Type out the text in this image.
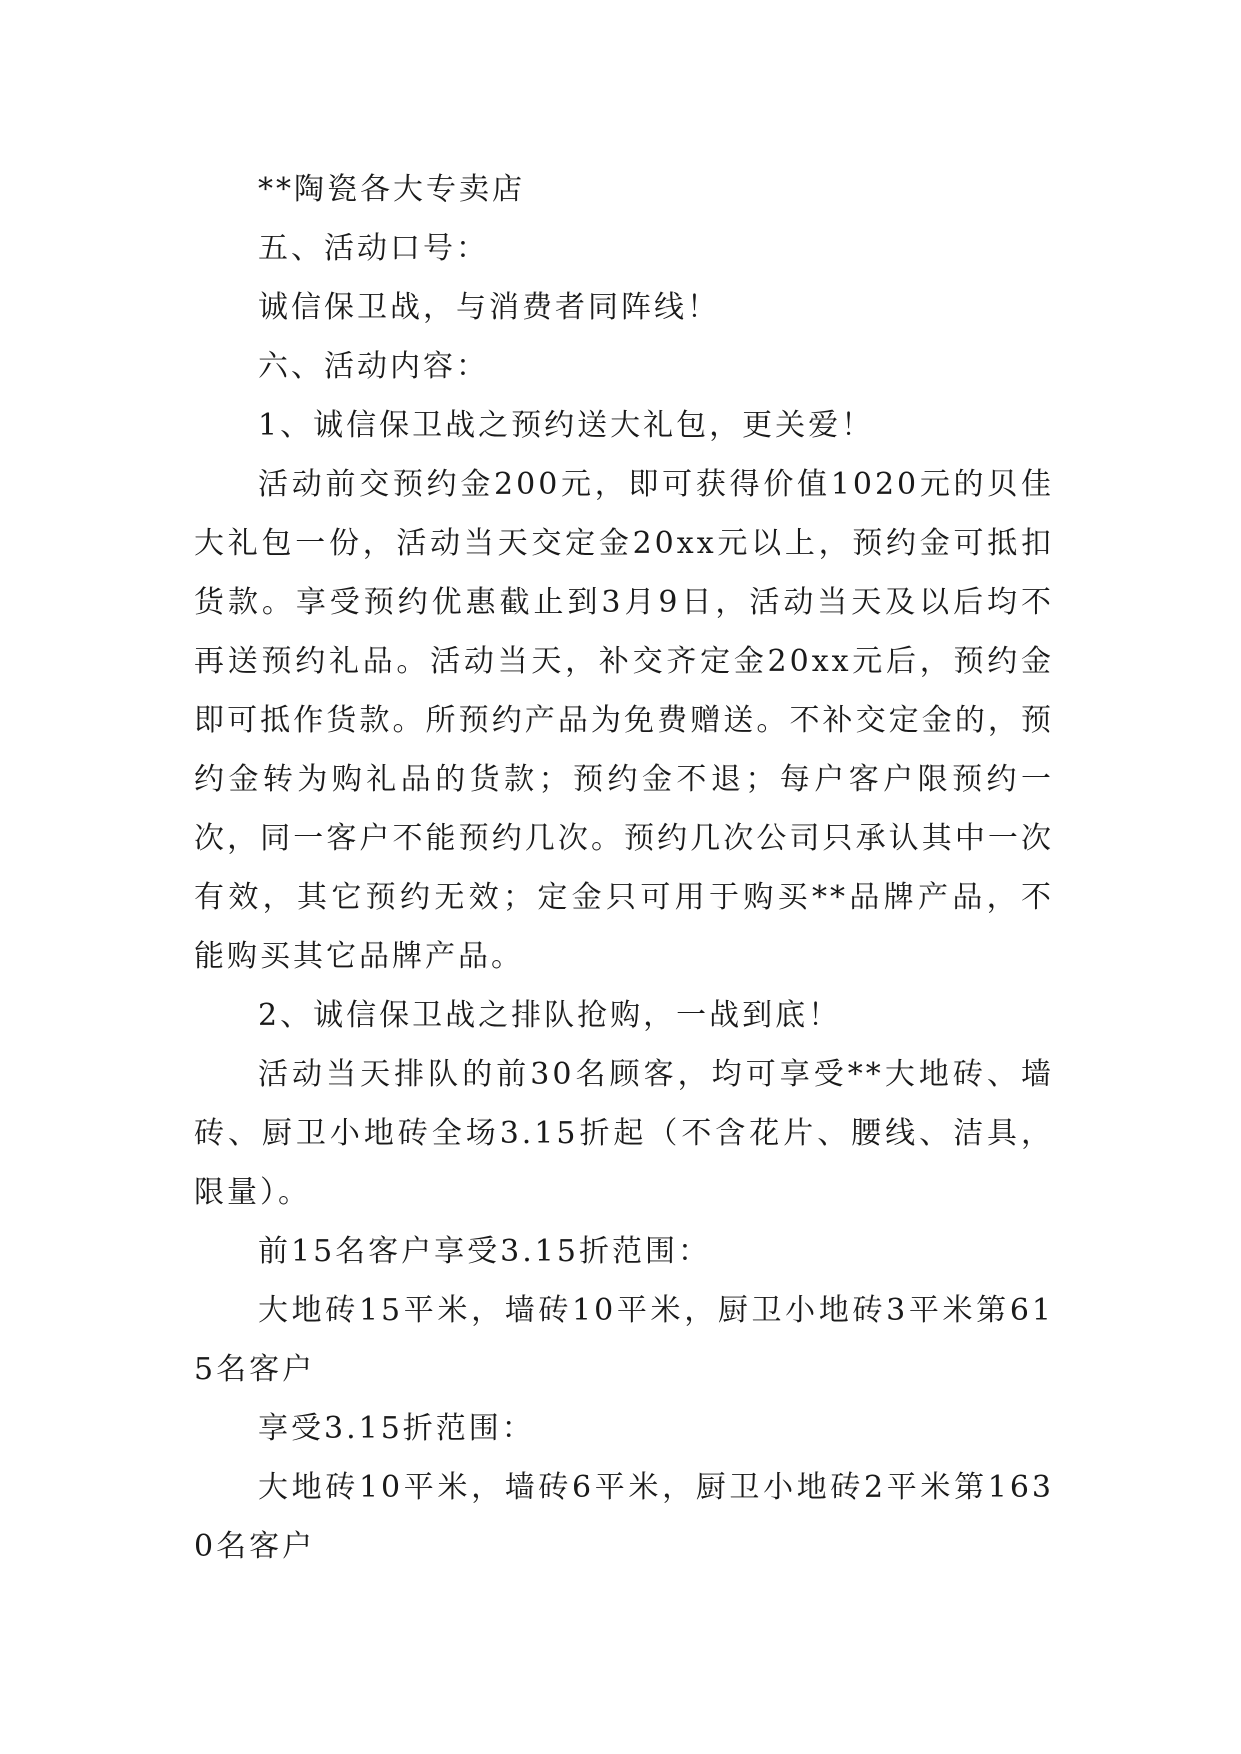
**陶瓷各大专卖店

五、活动口号：

诚信保卫战，与消费者同阵线！

六、活动内容：

1、诚信保卫战之预约送大礼包，更关爱！

活动前交预约金200元，即可获得价值1020元的贝佳大礼包一份，活动当天交定金20xx元以上，预约金可抵扣货款。享受预约优惠截止到3月9日，活动当天及以后均不再送预约礼品。活动当天，补交齐定金20xx元后，预约金即可抵作货款。所预约产品为免费赠送。不补交定金的，预约金转为购礼品的货款；预约金不退；每户客户限预约一次，同一客户不能预约几次。预约几次公司只承认其中一次有效，其它预约无效；定金只可用于购买**品牌产品，不能购买其它品牌产品。

2、诚信保卫战之排队抢购，一战到底！

活动当天排队的前30名顾客，均可享受**大地砖、墙砖、厨卫小地砖全场3.15折起（不含花片、腰线、洁具，限量）。

前15名客户享受3.15折范围：

大地砖15平米，墙砖10平米，厨卫小地砖3平米第615名客户

享受3.15折范围：

大地砖10平米，墙砖6平米，厨卫小地砖2平米第1630名客户
